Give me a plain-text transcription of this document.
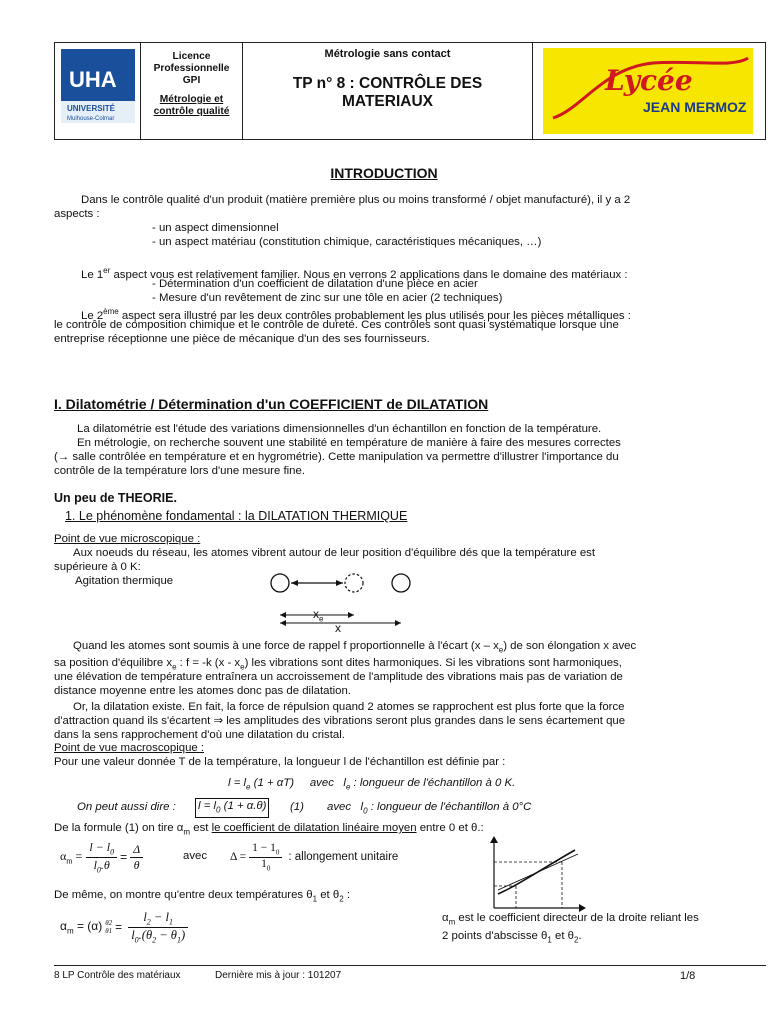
UHA
UNIVERSITÉ
Mulhouse-Colmar
Licence
Professionnelle
GPI
Métrologie et
contrôle qualité
Métrologie sans contact
TP n° 8 : CONTRÔLE DES
MATERIAUX
Lycée
JEAN MERMOZ
INTRODUCTION
Dans le contrôle qualité d'un produit (matière première plus ou moins transformé / objet manufacturé), il y a 2
aspects :
- un aspect dimensionnel
- un aspect matériau (constitution chimique, caractéristiques mécaniques, …)
Le 1er aspect vous est relativement familier. Nous en verrons 2 applications dans le domaine des matériaux :
- Détermination d'un coefficient de dilatation d'une pièce en acier
- Mesure d'un revêtement de zinc sur une tôle en acier (2 techniques)
Le 2ème aspect sera illustré par les deux contrôles probablement les plus utilisés pour les pièces métalliques :
le contrôle de composition chimique et le contrôle de dureté. Ces contrôles sont quasi systématique lorsque une
entreprise réceptionne une pièce de mécanique d'un des ses fournisseurs.
I. Dilatométrie / Détermination d'un COEFFICIENT de DILATATION
La dilatométrie est l'étude des variations dimensionnelles d'un échantillon en fonction de la température.
En métrologie, on recherche souvent une stabilité en température de manière à faire des mesures correctes
(→ salle contrôlée en température et en hygrométrie). Cette manipulation va permettre d'illustrer l'importance du
contrôle de la température lors d'une mesure fine.
Un peu de THEORIE.
1. Le phénomène fondamental : la DILATATION THERMIQUE
Point de vue microscopique :
Aux noeuds du réseau, les atomes vibrent autour de leur position d'équilibre dés que la température est
supérieure à 0 K:
Agitation thermique
$x_e$
x
Quand les atomes sont soumis à une force de rappel f proportionnelle à l'écart $(x - x_e)$ de son élongation x avec
sa position d'équilibre $x_e$ : f = -k $(x - x_e)$ les vibrations sont dites harmoniques. Si les vibrations sont harmoniques,
une élévation de température entraînera un accroissement de l'amplitude des vibrations mais pas de variation de
distance moyenne entre les atomes donc pas de dilatation.
Or, la dilatation existe. En fait, la force de répulsion quand 2 atomes se rapprochent est plus forte que la force
d'attraction quand ils s'écartent ⇒ les amplitudes des vibrations seront plus grandes dans le sens écartement que
dans la sens rapprochement d'où une dilatation du cristal.
Point de vue macroscopique :
Pour une valeur donnée T de la température, la longueur l de l'échantillon est définie par :
$l = l_e$ (1 + αT)     avec   $l_e$ : longueur de l'échantillon à 0 K.
On peut aussi dire : $l = l_0$ (1 + α.θ) (1) avec   $l_0$ : longueur de l'échantillon à 0°C
De la formule (1) on tire $\alpha_m$ est le coefficient de dilatation linéaire moyen entre 0 et θ.:
$\alpha_m = \frac{l - l_0}{l_0.\theta} = \frac{\Delta}{\theta}$	avec $\Delta = \frac{1 - 1_0}{1_0}$ : allongement unitaire
De même, on montre qu'entre deux températures $\theta_1$ et $\theta_2$ :
$\alpha_m = (\alpha)$ θ2
$\theta 1 = \frac{l_2 - l_1}{l_0.(\theta_2 - \theta_1)}$	$\alpha_m$ est le coefficient directeur de la droite reliant les
2 points d'abscisse $\theta_1$ et $\theta_2$.
8 LP Contrôle des matériaux	Dernière mis à jour : 101207	1/8
